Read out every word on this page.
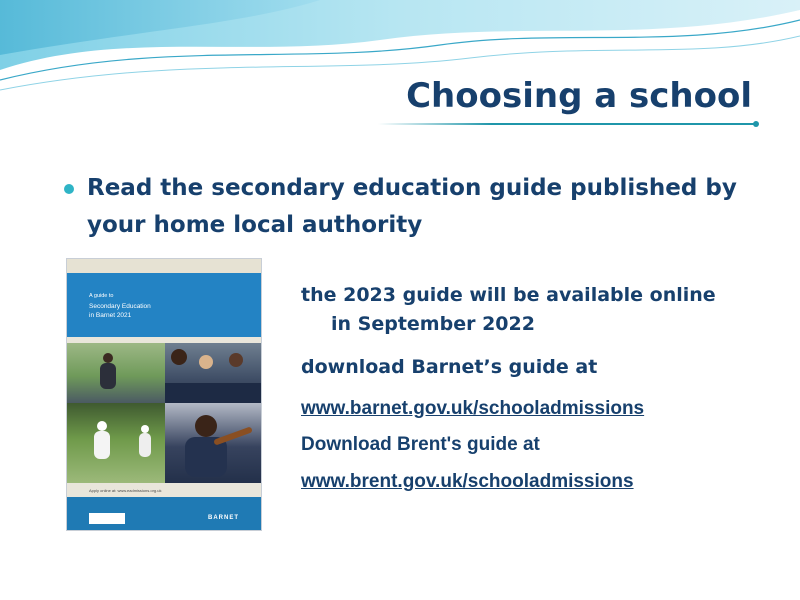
Choosing a school
Read the secondary education guide published by your home local authority
A guide to
Secondary Education
in Barnet 2021
Apply online at: www.eadmissions.org.uk
BARNET
the 2023 guide will be available online
in September 2022
download Barnet’s guide at
www.barnet.gov.uk/schooladmissions
Download Brent's guide at
www.brent.gov.uk/schooladmissions
